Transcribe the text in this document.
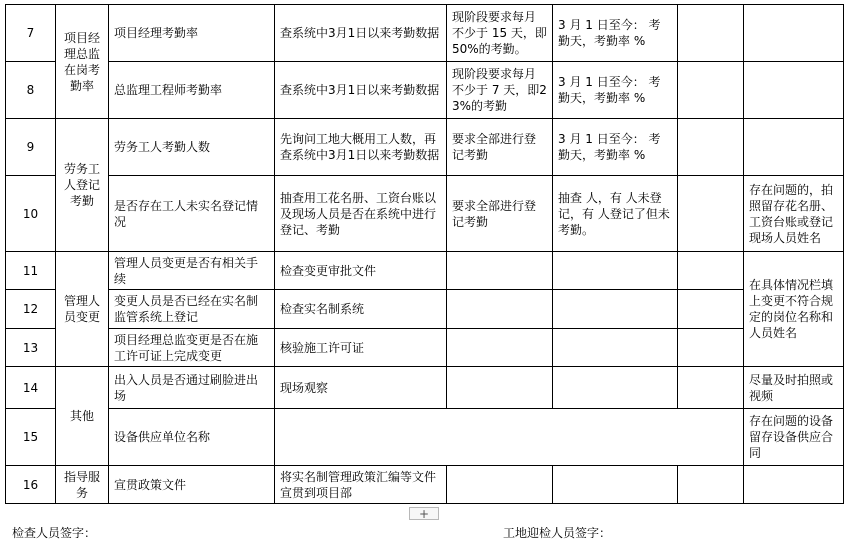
7	项目经理总监在岗考勤率	项目经理考勤率	查系统中3月1日以来考勤数据	现阶段要求每月不少于 15 天，即50%的考勤。	3 月 1 日至今： 考勤天，考勤率 %		
8		总监理工程师考勤率	查系统中3月1日以来考勤数据	现阶段要求每月不少于 7 天，即23%的考勤	3 月 1 日至今： 考勤天，考勤率 %		
9	劳务工人登记考勤	劳务工人考勤人数	先询问工地大概用工人数，再查系统中3月1日以来考勤数据	要求全部进行登记考勤	3 月 1 日至今： 考勤天，考勤率 %		
10		是否存在工人未实名登记情况	抽查用工花名册、工资台账以及现场人员是否在系统中进行登记、考勤	要求全部进行登记考勤	抽查 人，有 人未登记，有 人登记了但未考勤。		存在问题的，拍照留存花名册、工资台账或登记现场人员姓名
11	管理人员变更	管理人员变更是否有相关手续	检查变更审批文件				在具体情况栏填上变更不符合规定的岗位名称和人员姓名
12		变更人员是否已经在实名制监管系统上登记	检查实名制系统				
13		项目经理总监变更是否在施工许可证上完成变更	核验施工许可证				
14	其他	出入人员是否通过刷脸进出场	现场观察				尽量及时拍照或视频
15		设备供应单位名称					存在问题的设备留存设备供应合同
16	指导服务	宣贯政策文件	将实名制管理政策汇编等文件宣贯到项目部				
+
检查人员签字：	工地迎检人员签字：
